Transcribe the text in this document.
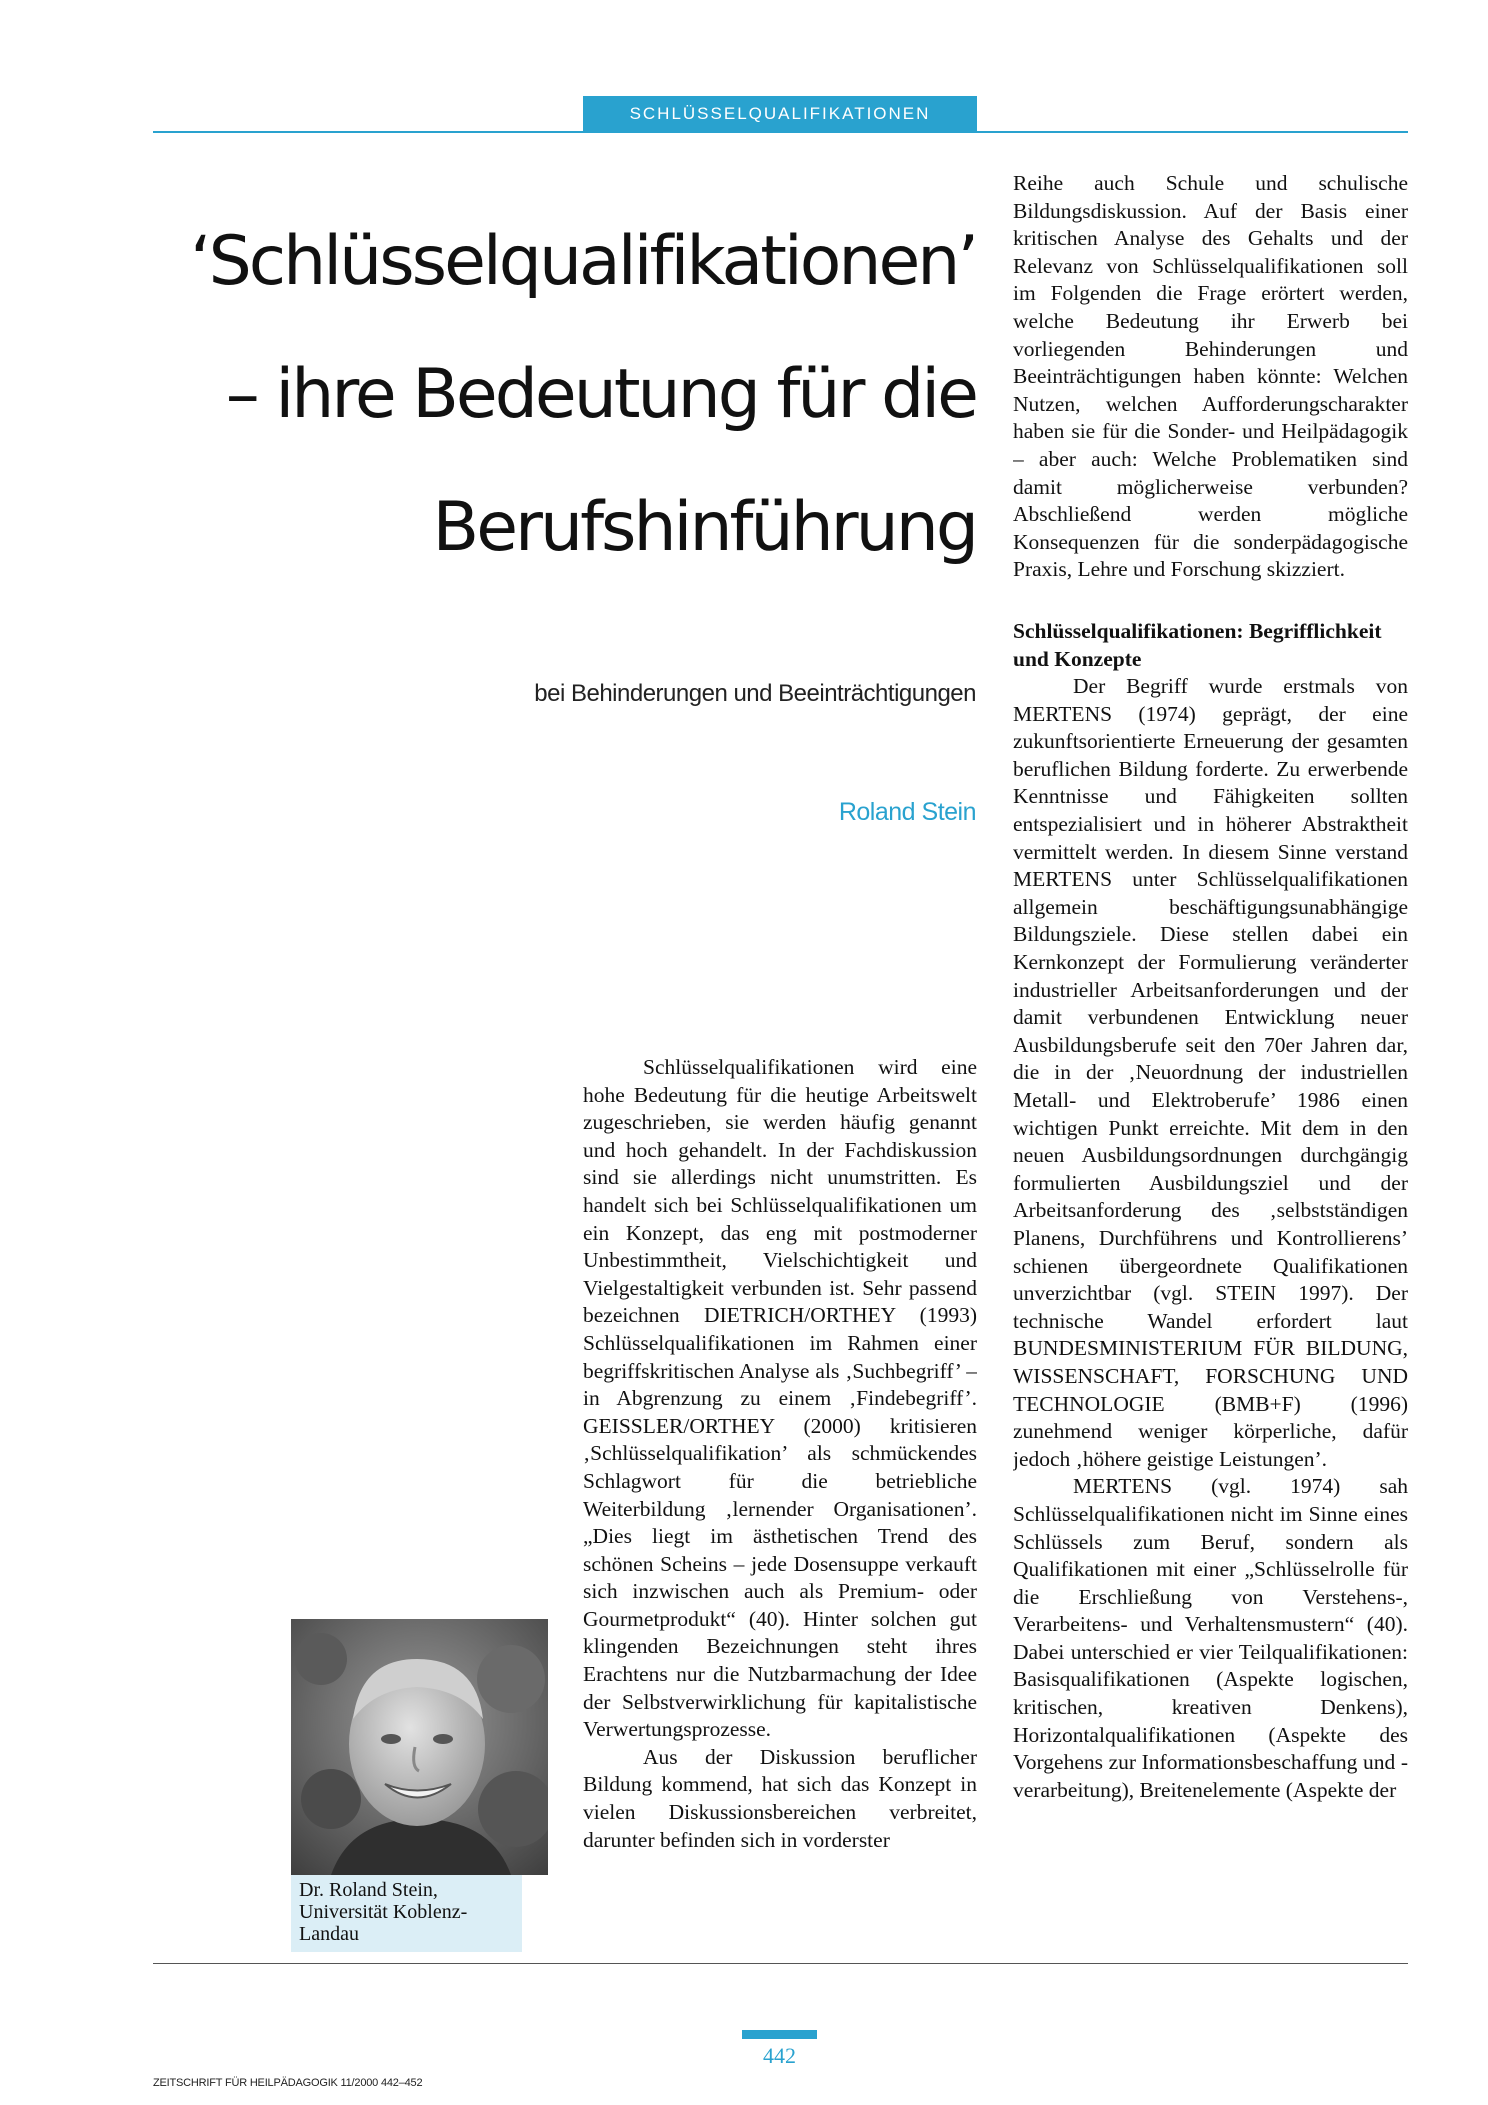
SCHLÜSSELQUALIFIKATIONEN
‘Schlüsselqualifikationen’
– ihre Bedeutung für die
Berufshinführung
bei Behinderungen und Beeinträchtigungen
Roland Stein

Schlüsselqualifikationen wird eine hohe Bedeutung für die heutige Arbeitswelt zugeschrieben, sie werden häufig genannt und hoch gehandelt. In der Fachdiskussion sind sie allerdings nicht unumstritten. Es handelt sich bei Schlüsselqualifikationen um ein Konzept, das eng mit postmoderner Unbestimmtheit, Vielschichtigkeit und Vielgestaltigkeit verbunden ist. Sehr passend bezeichnen DIETRICH/ORTHEY (1993) Schlüsselqualifikationen im Rahmen einer begriffskritischen Analyse als ‚Suchbegriff’ – in Abgrenzung zu einem ‚Findebegriff’. GEISSLER/ORTHEY (2000) kritisieren ‚Schlüsselqualifikation’ als schmückendes Schlagwort für die betriebliche Weiterbildung ‚lernender Organisationen’. „Dies liegt im ästhetischen Trend des schönen Scheins – jede Dosensuppe verkauft sich inzwischen auch als Premium- oder Gourmetprodukt“ (40). Hinter solchen gut klingenden Bezeichnungen steht ihres Erachtens nur die Nutzbarmachung der Idee der Selbstverwirklichung für kapitalistische Verwertungsprozesse.

Aus der Diskussion beruflicher Bildung kommend, hat sich das Konzept in vielen Diskussionsbereichen verbreitet, darunter befinden sich in vorderster

Reihe auch Schule und schulische Bildungsdiskussion. Auf der Basis einer kritischen Analyse des Gehalts und der Relevanz von Schlüsselqualifikationen soll im Folgenden die Frage erörtert werden, welche Bedeutung ihr Erwerb bei vorliegenden Behinderungen und Beeinträchtigungen haben könnte: Welchen Nutzen, welchen Aufforderungscharakter haben sie für die Sonder- und Heilpädagogik – aber auch: Welche Problematiken sind damit möglicherweise verbunden? Abschließend werden mögliche Konsequenzen für die sonderpädagogische Praxis, Lehre und Forschung skizziert.

Schlüsselqualifikationen: Begrifflichkeit und Konzepte

Der Begriff wurde erstmals von MERTENS (1974) geprägt, der eine zukunftsorientierte Erneuerung der gesamten beruflichen Bildung forderte. Zu erwerbende Kenntnisse und Fähigkeiten sollten entspezialisiert und in höherer Abstraktheit vermittelt werden. In diesem Sinne verstand MERTENS unter Schlüsselqualifikationen allgemein beschäftigungsunabhängige Bildungsziele. Diese stellen dabei ein Kernkonzept der Formulierung veränderter industrieller Arbeitsanforderungen und der damit verbundenen Entwicklung neuer Ausbildungsberufe seit den 70er Jahren dar, die in der ‚Neuordnung der industriellen Metall- und Elektroberufe’ 1986 einen wichtigen Punkt erreichte. Mit dem in den neuen Ausbildungsordnungen durchgängig formulierten Ausbildungsziel und der Arbeitsanforderung des ‚selbstständigen Planens, Durchführens und Kontrollierens’ schienen übergeordnete Qualifikationen unverzichtbar (vgl. STEIN 1997). Der technische Wandel erfordert laut BUNDESMINISTERIUM FÜR BILDUNG, WISSENSCHAFT, FORSCHUNG UND TECHNOLOGIE (BMB+F) (1996) zunehmend weniger körperliche, dafür jedoch ‚höhere geistige Leistungen’.

MERTENS (vgl. 1974) sah Schlüsselqualifikationen nicht im Sinne eines Schlüssels zum Beruf, sondern als Qualifikationen mit einer „Schlüsselrolle für die Erschließung von Verstehens-, Verarbeitens- und Verhaltensmustern“ (40). Dabei unterschied er vier Teilqualifikationen: Basisqualifikationen (Aspekte logischen, kritischen, kreativen Denkens), Horizontalqualifikationen (Aspekte des Vorgehens zur Informationsbeschaffung und -verarbeitung), Breitenelemente (Aspekte der

Dr. Roland Stein,
Universität Koblenz-
Landau
ZEITSCHRIFT FÜR HEILPÄDAGOGIK 11/2000 442–452
442
